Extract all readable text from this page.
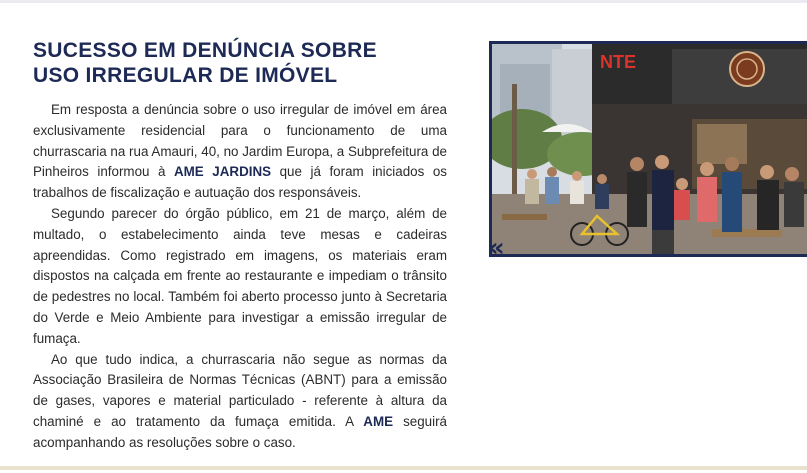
SUCESSO EM DENÚNCIA SOBRE
USO IRREGULAR DE IMÓVEL

Em resposta a denúncia sobre o uso irregular de imóvel em área exclusivamente residencial para o funcionamento de uma churrascaria na rua Amauri, 40, no Jardim Europa, a Subprefeitura de Pinheiros informou à AME JARDINS que já foram iniciados os trabalhos de fiscalização e autuação dos responsáveis.

Segundo parecer do órgão público, em 21 de março, além de multado, o estabelecimento ainda teve mesas e cadeiras apreendidas. Como registrado em imagens, os materiais eram dispostos na calçada em frente ao restaurante e impediam o trânsito de pedestres no local. Também foi aberto processo junto à Secretaria do Verde e Meio Ambiente para investigar a emissão irregular de fumaça.

Ao que tudo indica, a churrascaria não segue as normas da Associação Brasileira de Normas Técnicas (ABNT) para a emissão de gases, vapores e material particulado - referente à altura da chaminé e ao tratamento da fumaça emitida. A AME seguirá acompanhando as resoluções sobre o caso.

NTE
«
